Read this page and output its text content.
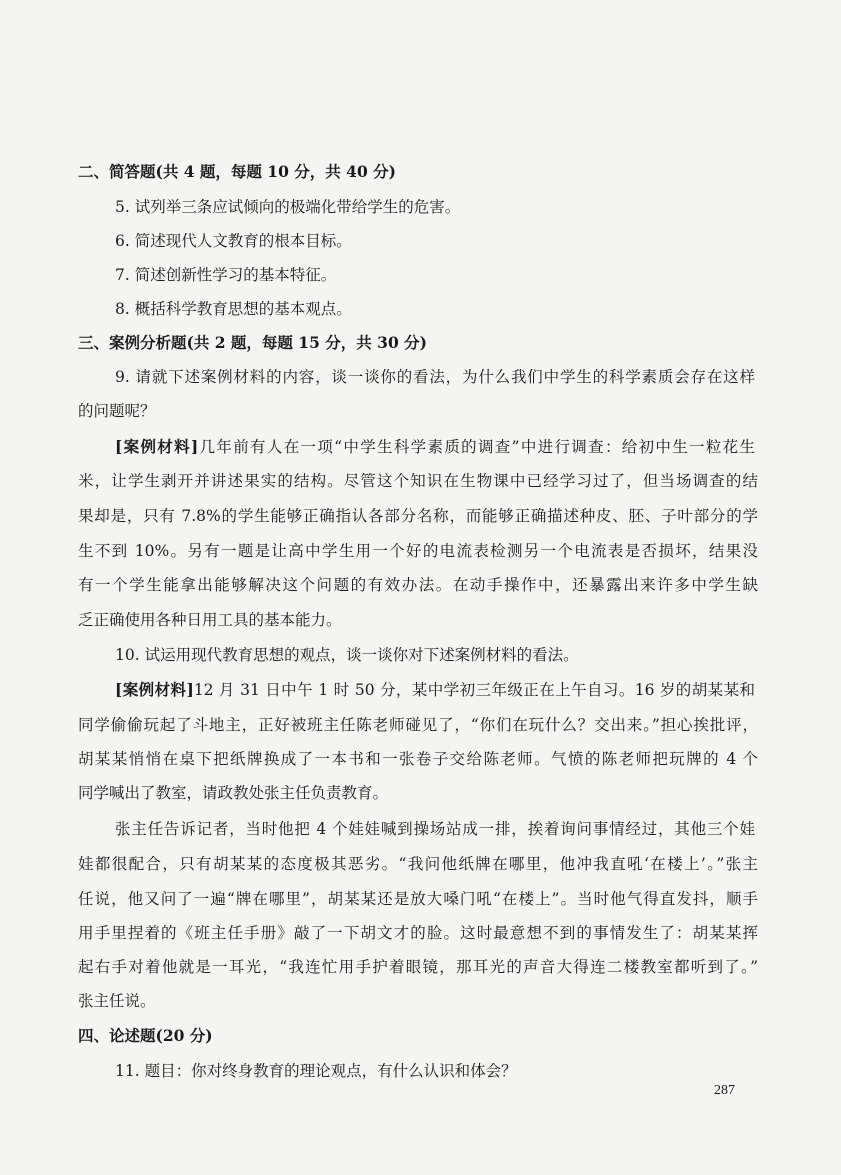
二、简答题(共 4 题，每题 10 分，共 40 分)
5. 试列举三条应试倾向的极端化带给学生的危害。
6. 简述现代人文教育的根本目标。
7. 简述创新性学习的基本特征。
8. 概括科学教育思想的基本观点。
三、案例分析题(共 2 题，每题 15 分，共 30 分)
9. 请就下述案例材料的内容，谈一谈你的看法，为什么我们中学生的科学素质会存在这样
的问题呢？
[案例材料]几年前有人在一项“中学生科学素质的调查”中进行调查：给初中生一粒花生
米，让学生剥开并讲述果实的结构。尽管这个知识在生物课中已经学习过了，但当场调查的结
果却是，只有 7.8%的学生能够正确指认各部分名称，而能够正确描述种皮、胚、子叶部分的学
生不到 10%。另有一题是让高中学生用一个好的电流表检测另一个电流表是否损坏，结果没
有一个学生能拿出能够解决这个问题的有效办法。在动手操作中，还暴露出来许多中学生缺
乏正确使用各种日用工具的基本能力。
10. 试运用现代教育思想的观点，谈一谈你对下述案例材料的看法。
[案例材料]12 月 31 日中午 1 时 50 分，某中学初三年级正在上午自习。16 岁的胡某某和
同学偷偷玩起了斗地主，正好被班主任陈老师碰见了，“你们在玩什么？交出来。”担心挨批评，
胡某某悄悄在桌下把纸牌换成了一本书和一张卷子交给陈老师。气愤的陈老师把玩牌的 4 个
同学喊出了教室，请政教处张主任负责教育。
张主任告诉记者，当时他把 4 个娃娃喊到操场站成一排，挨着询问事情经过，其他三个娃
娃都很配合，只有胡某某的态度极其恶劣。“我问他纸牌在哪里，他冲我直吼‘在楼上’。”张主
任说，他又问了一遍“牌在哪里”，胡某某还是放大嗓门吼“在楼上”。当时他气得直发抖，顺手
用手里捏着的《班主任手册》敲了一下胡文才的脸。这时最意想不到的事情发生了：胡某某挥
起右手对着他就是一耳光，“我连忙用手护着眼镜，那耳光的声音大得连二楼教室都听到了。”
张主任说。
四、论述题(20 分)
11. 题目：你对终身教育的理论观点，有什么认识和体会？
287
